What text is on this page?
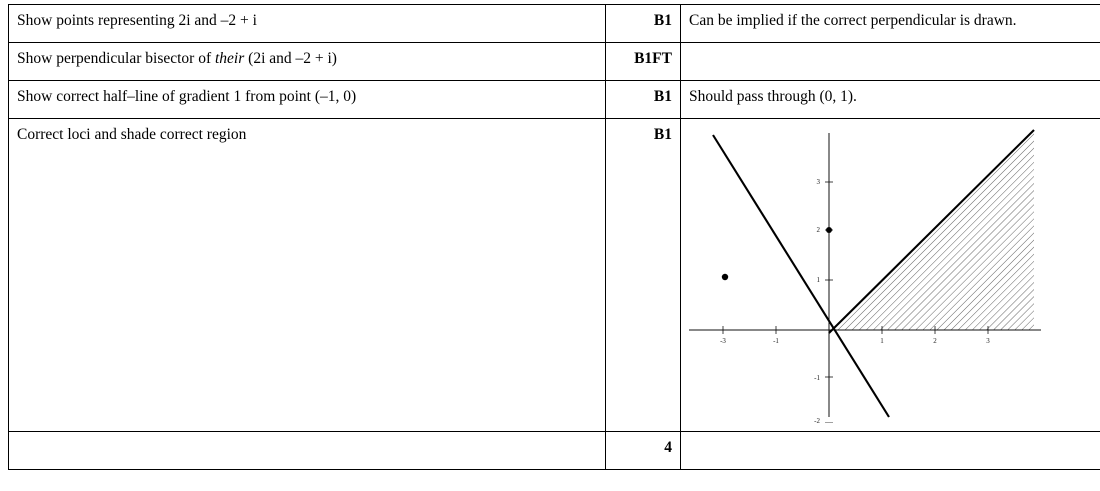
Show points representing 2i and –2 + i	B1	Can be implied if the correct perpendicular is drawn.
Show perpendicular bisector of their (2i and –2 + i)	B1FT	
Show correct half–line of gradient 1 from point (–1, 0)	B1	Should pass through (0, 1).
Correct loci and shade correct region	B1	
-3	-1	1	2	3
3
2
1
-1
-2

	4	
